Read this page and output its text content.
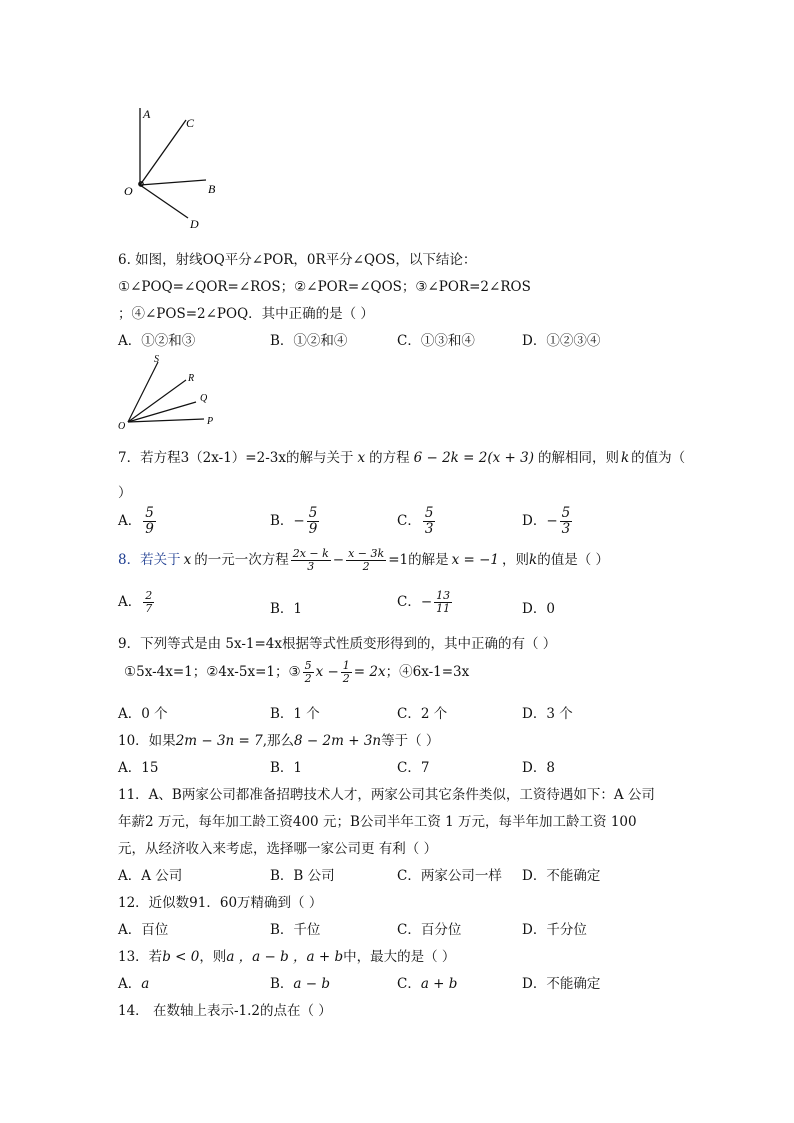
A
C
O	B
D
6. 如图，射线OQ平分∠POR，0R平分∠QOS，以下结论：
①∠POQ=∠QOR=∠ROS；②∠POR=∠QOS；③∠POR=2∠ROS
；④∠POS=2∠POQ．其中正确的是（ ）
A．①②和③	B．①②和④	C．①③和④	D．①②③④
S
R
Q
O	P
7．若方程3（2x-1）=2-3x的解与关于 x 的方程 6 − 2k = 2(x + 3) 的解相同，则 k 的值为（
）
A． $\frac{5}{9}$	B．− $\frac{5}{9}$	C． $\frac{5}{3}$	D．− $\frac{5}{3}$
8．若关于 x 的一元一次方程 $\frac{2x - k}{3} - \frac{x - 3k}{2} =1$的解是 x = −1 ，则k的值是（ ）
A． $\frac{2}{7}$	B．1	C．− $\frac{13}{11}$	D．0
9．下列等式是由 5x-1=4x根据等式性质变形得到的，其中正确的有（ ）
①5x-4x=1；②4x-5x=1；③ $\frac{5}{2}$ $x - \frac{1}{2} = 2x$；④6x-1=3x
A．0 个	B．1 个	C．2 个	D．3 个
10．如果2m − 3n = 7,那么8 − 2m + 3n等于（ ）
A．15	B．1	C．7	D．8
11．A、B两家公司都准备招聘技术人才，两家公司其它条件类似，工资待遇如下：A 公司
年薪2 万元，每年加工龄工资400 元；B公司半年工资 1 万元，每半年加工龄工资 100
元，从经济收入来考虑，选择哪一家公司更 有利（ ）
A．A 公司	B．B 公司	C．两家公司一样 D．不能确定
12．近似数91．60万精确到（ ）
A．百位	B．千位	C．百分位	D．千分位
13．若b < 0，则a ，a − b ，a + b中，最大的是（ ）
A．a	B．a − b	C．a + b	D．不能确定
14． 在数轴上表示-1.2的点在（ ）
